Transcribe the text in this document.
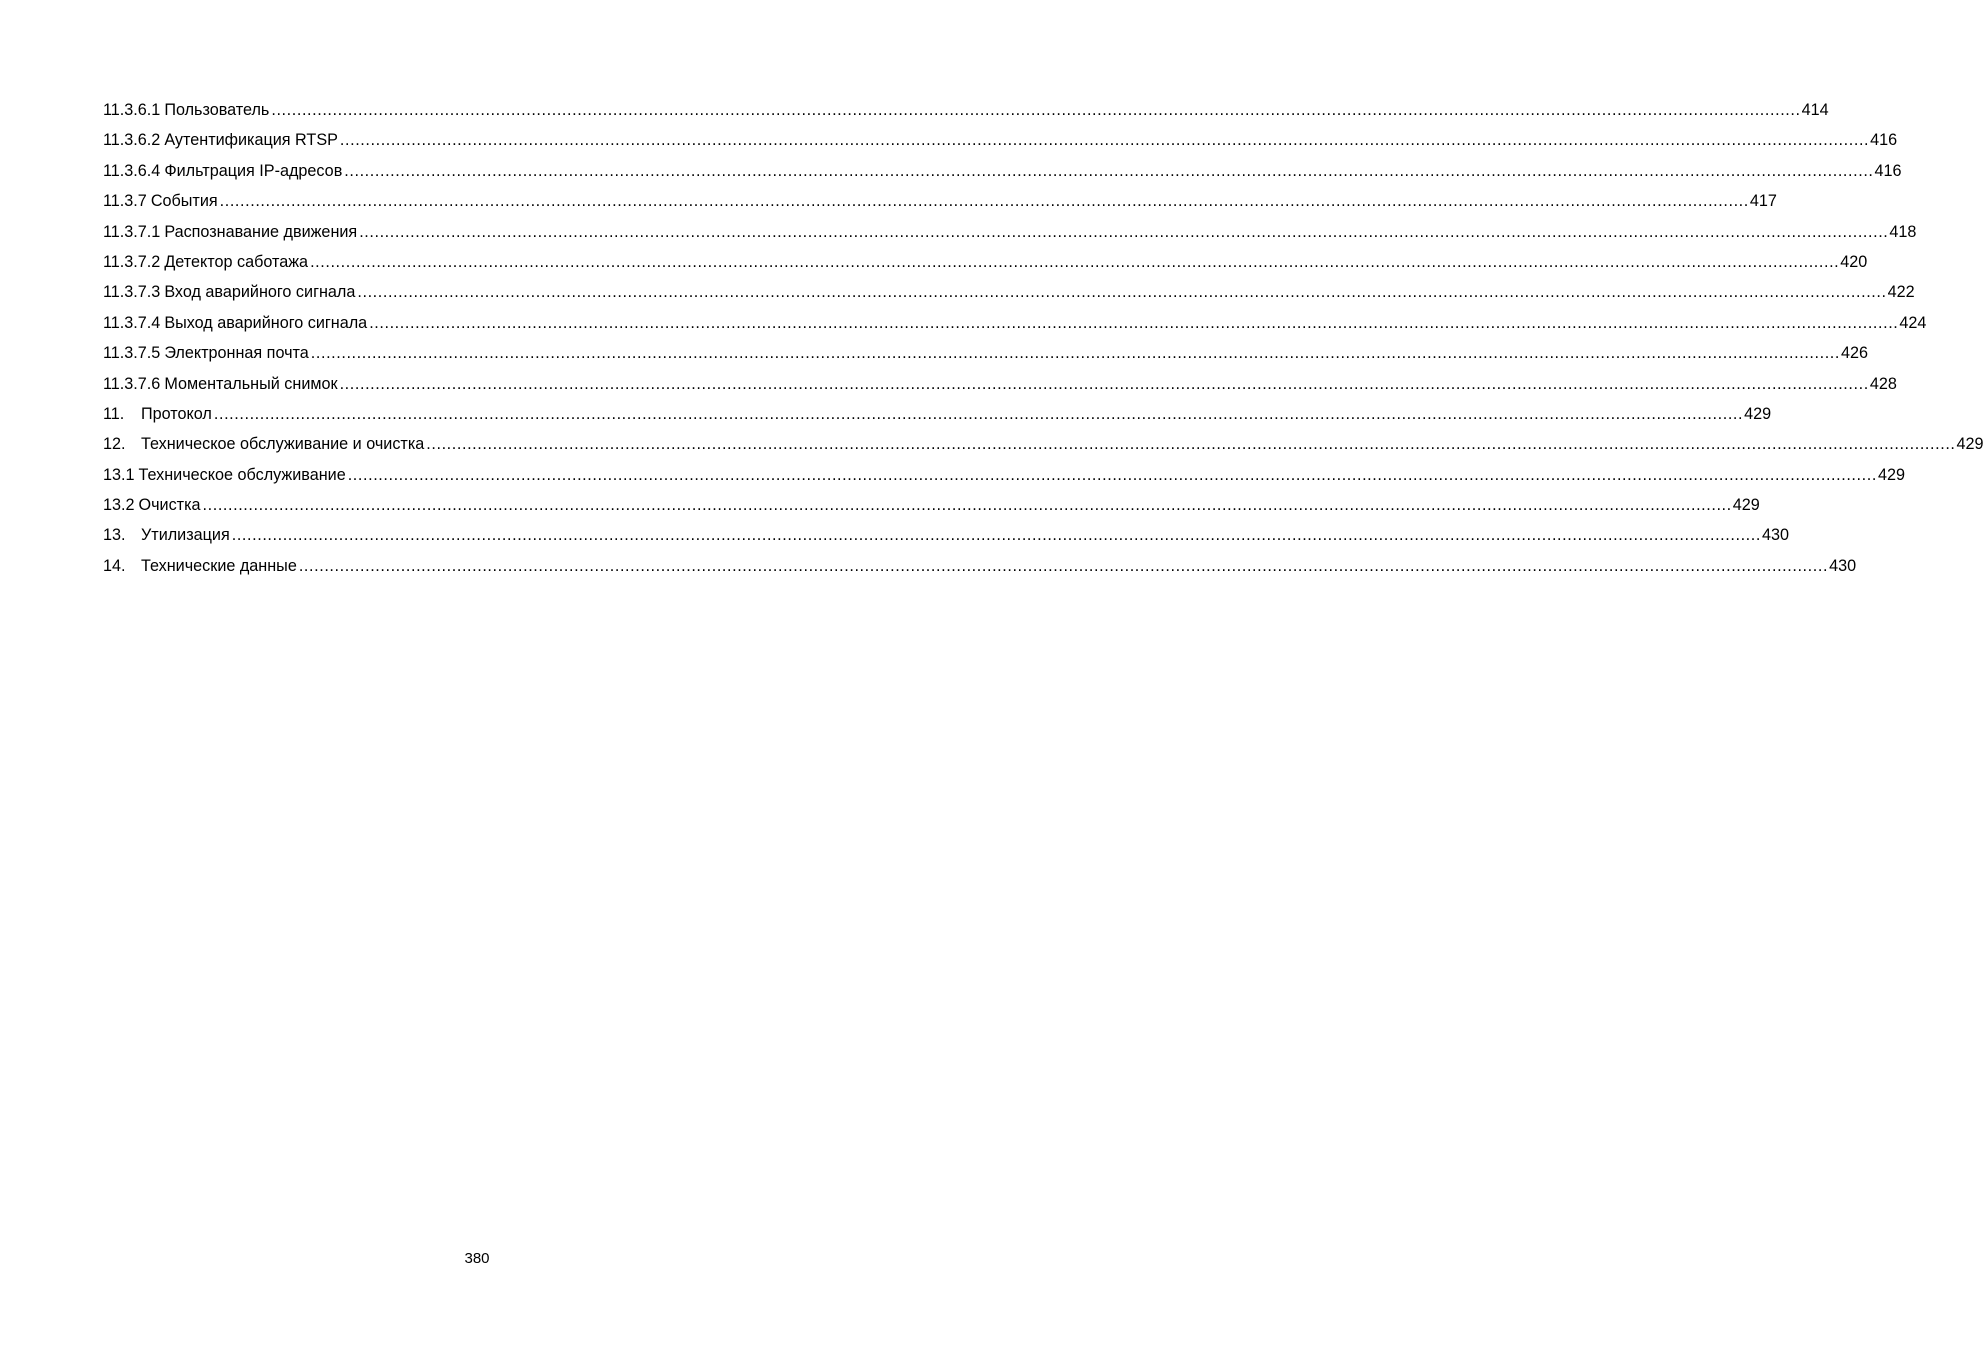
11.3.6.1 Пользователь ............................................................................................................................................................................................................................................................................................................ 414
11.3.6.2 Аутентификация RTSP ............................................................................................................................................................................................................................................................................................................ 416
11.3.6.4 Фильтрация IP-адресов ............................................................................................................................................................................................................................................................................................................ 416
11.3.7 События ............................................................................................................................................................................................................................................................................................................ 417
11.3.7.1 Распознавание движения ............................................................................................................................................................................................................................................................................................................ 418
11.3.7.2 Детектор саботажа ............................................................................................................................................................................................................................................................................................................ 420
11.3.7.3 Вход аварийного сигнала ............................................................................................................................................................................................................................................................................................................ 422
11.3.7.4 Выход аварийного сигнала ............................................................................................................................................................................................................................................................................................................ 424
11.3.7.5 Электронная почта ............................................................................................................................................................................................................................................................................................................ 426
11.3.7.6 Моментальный снимок ............................................................................................................................................................................................................................................................................................................ 428
11.	Протокол ............................................................................................................................................................................................................................................................................................................ 429
12. Техническое обслуживание и очистка ............................................................................................................................................................................................................................................................................................................ 429
13.1 Техническое обслуживание ............................................................................................................................................................................................................................................................................................................ 429
13.2 Очистка ............................................................................................................................................................................................................................................................................................................ 429
13. Утилизация ............................................................................................................................................................................................................................................................................................................ 430
14. Технические данные ............................................................................................................................................................................................................................................................................................................ 430
380
